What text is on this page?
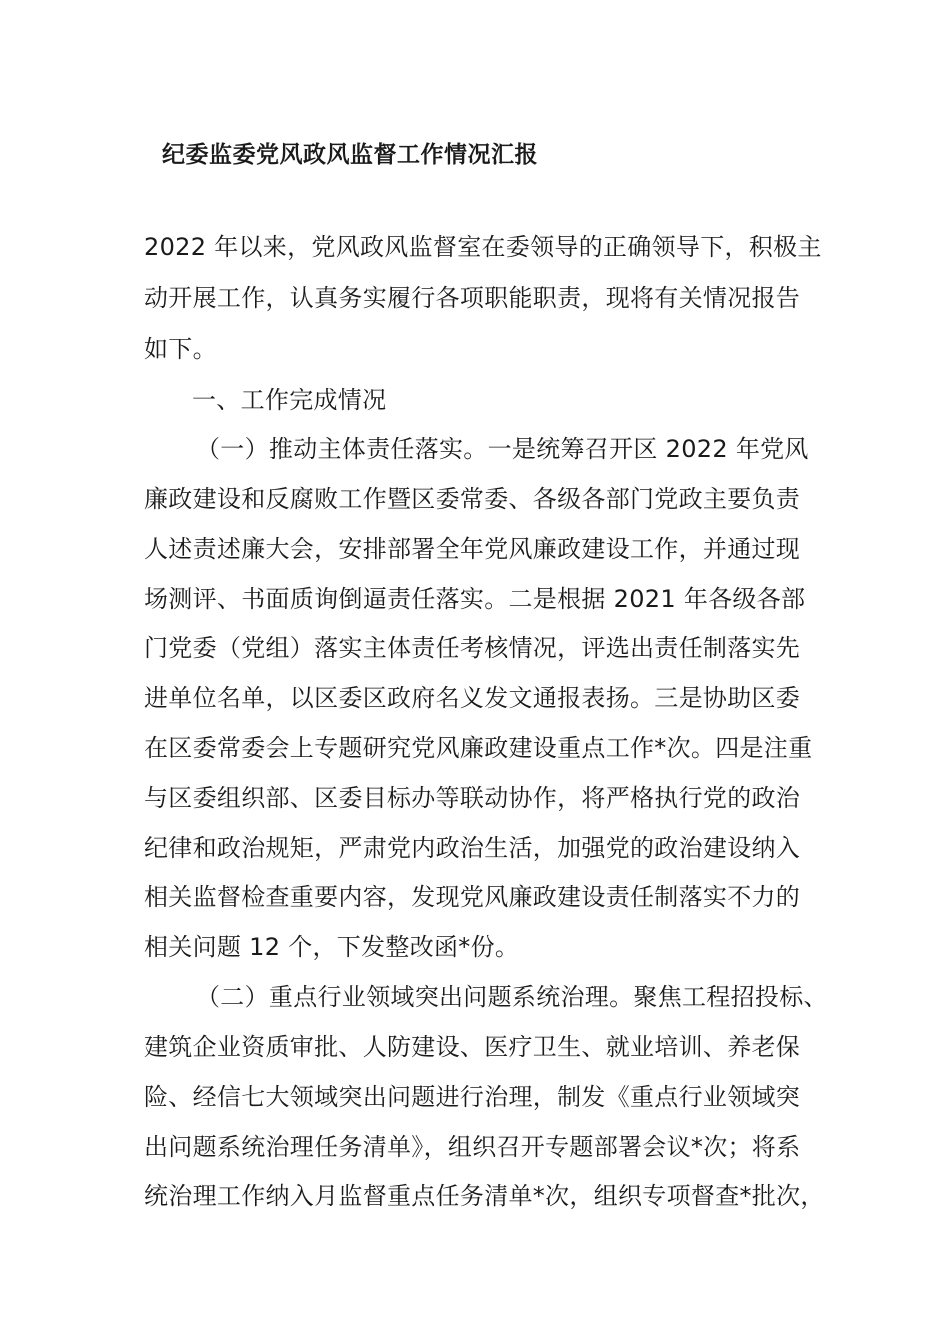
纪委监委党风政风监督工作情况汇报
2022 年以来，党风政风监督室在委领导的正确领导下，积极主
动开展工作，认真务实履行各项职能职责，现将有关情况报告
如下。
一、工作完成情况
（一）推动主体责任落实。一是统筹召开区 2022 年党风
廉政建设和反腐败工作暨区委常委、各级各部门党政主要负责
人述责述廉大会，安排部署全年党风廉政建设工作，并通过现
场测评、书面质询倒逼责任落实。二是根据 2021 年各级各部
门党委（党组）落实主体责任考核情况，评选出责任制落实先
进单位名单，以区委区政府名义发文通报表扬。三是协助区委
在区委常委会上专题研究党风廉政建设重点工作*次。四是注重
与区委组织部、区委目标办等联动协作，将严格执行党的政治
纪律和政治规矩，严肃党内政治生活，加强党的政治建设纳入
相关监督检查重要内容，发现党风廉政建设责任制落实不力的
相关问题 12 个，下发整改函*份。
（二）重点行业领域突出问题系统治理。聚焦工程招投标、
建筑企业资质审批、人防建设、医疗卫生、就业培训、养老保
险、经信七大领域突出问题进行治理，制发《重点行业领域突
出问题系统治理任务清单》，组织召开专题部署会议*次；将系
统治理工作纳入月监督重点任务清单*次，组织专项督查*批次，
